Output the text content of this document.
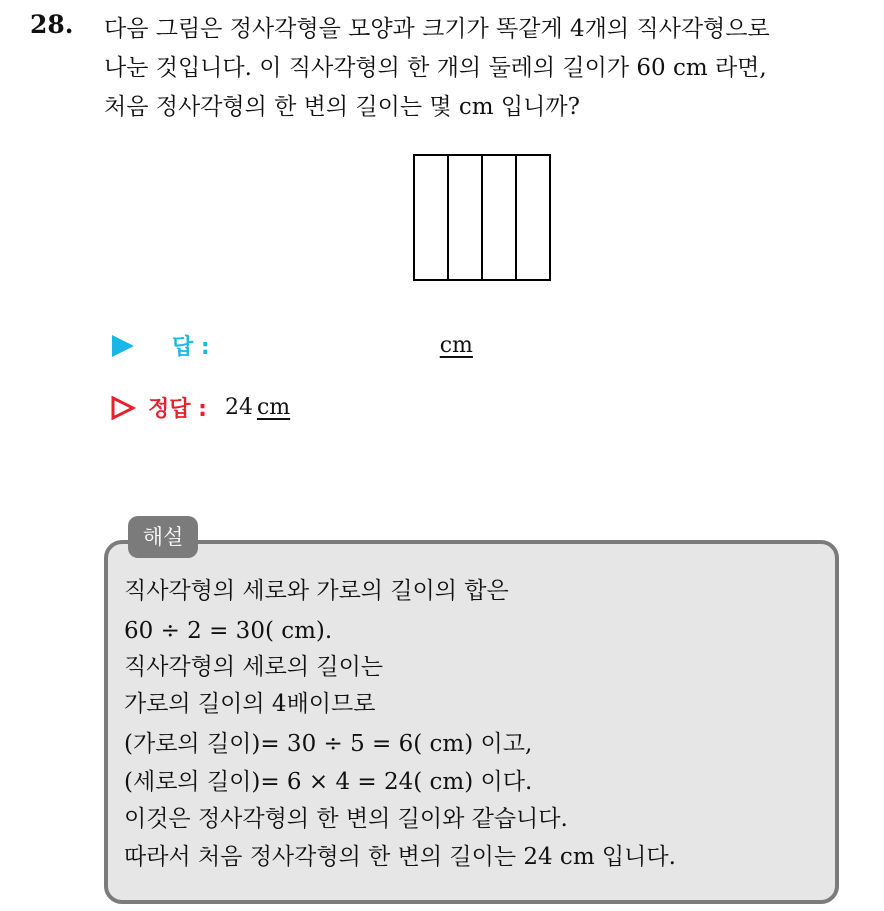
28. 다음 그림은 정사각형을 모양과 크기가 똑같게 4개의 직사각형으로
나눈 것입니다. 이 직사각형의 한 개의 둘레의 길이가 60 cm 라면,
처음 정사각형의 한 변의 길이는 몇 cm 입니까?
답 :	cm
정답 : 24 cm
해설
직사각형의 세로와 가로의 길이의 합은
60 ÷ 2 = 30( cm).
직사각형의 세로의 길이는
가로의 길이의 4배이므로
(가로의 길이)= 30 ÷ 5 = 6( cm) 이고,
(세로의 길이)= 6 × 4 = 24( cm) 이다.
이것은 정사각형의 한 변의 길이와 같습니다.
따라서 처음 정사각형의 한 변의 길이는 24 cm 입니다.
